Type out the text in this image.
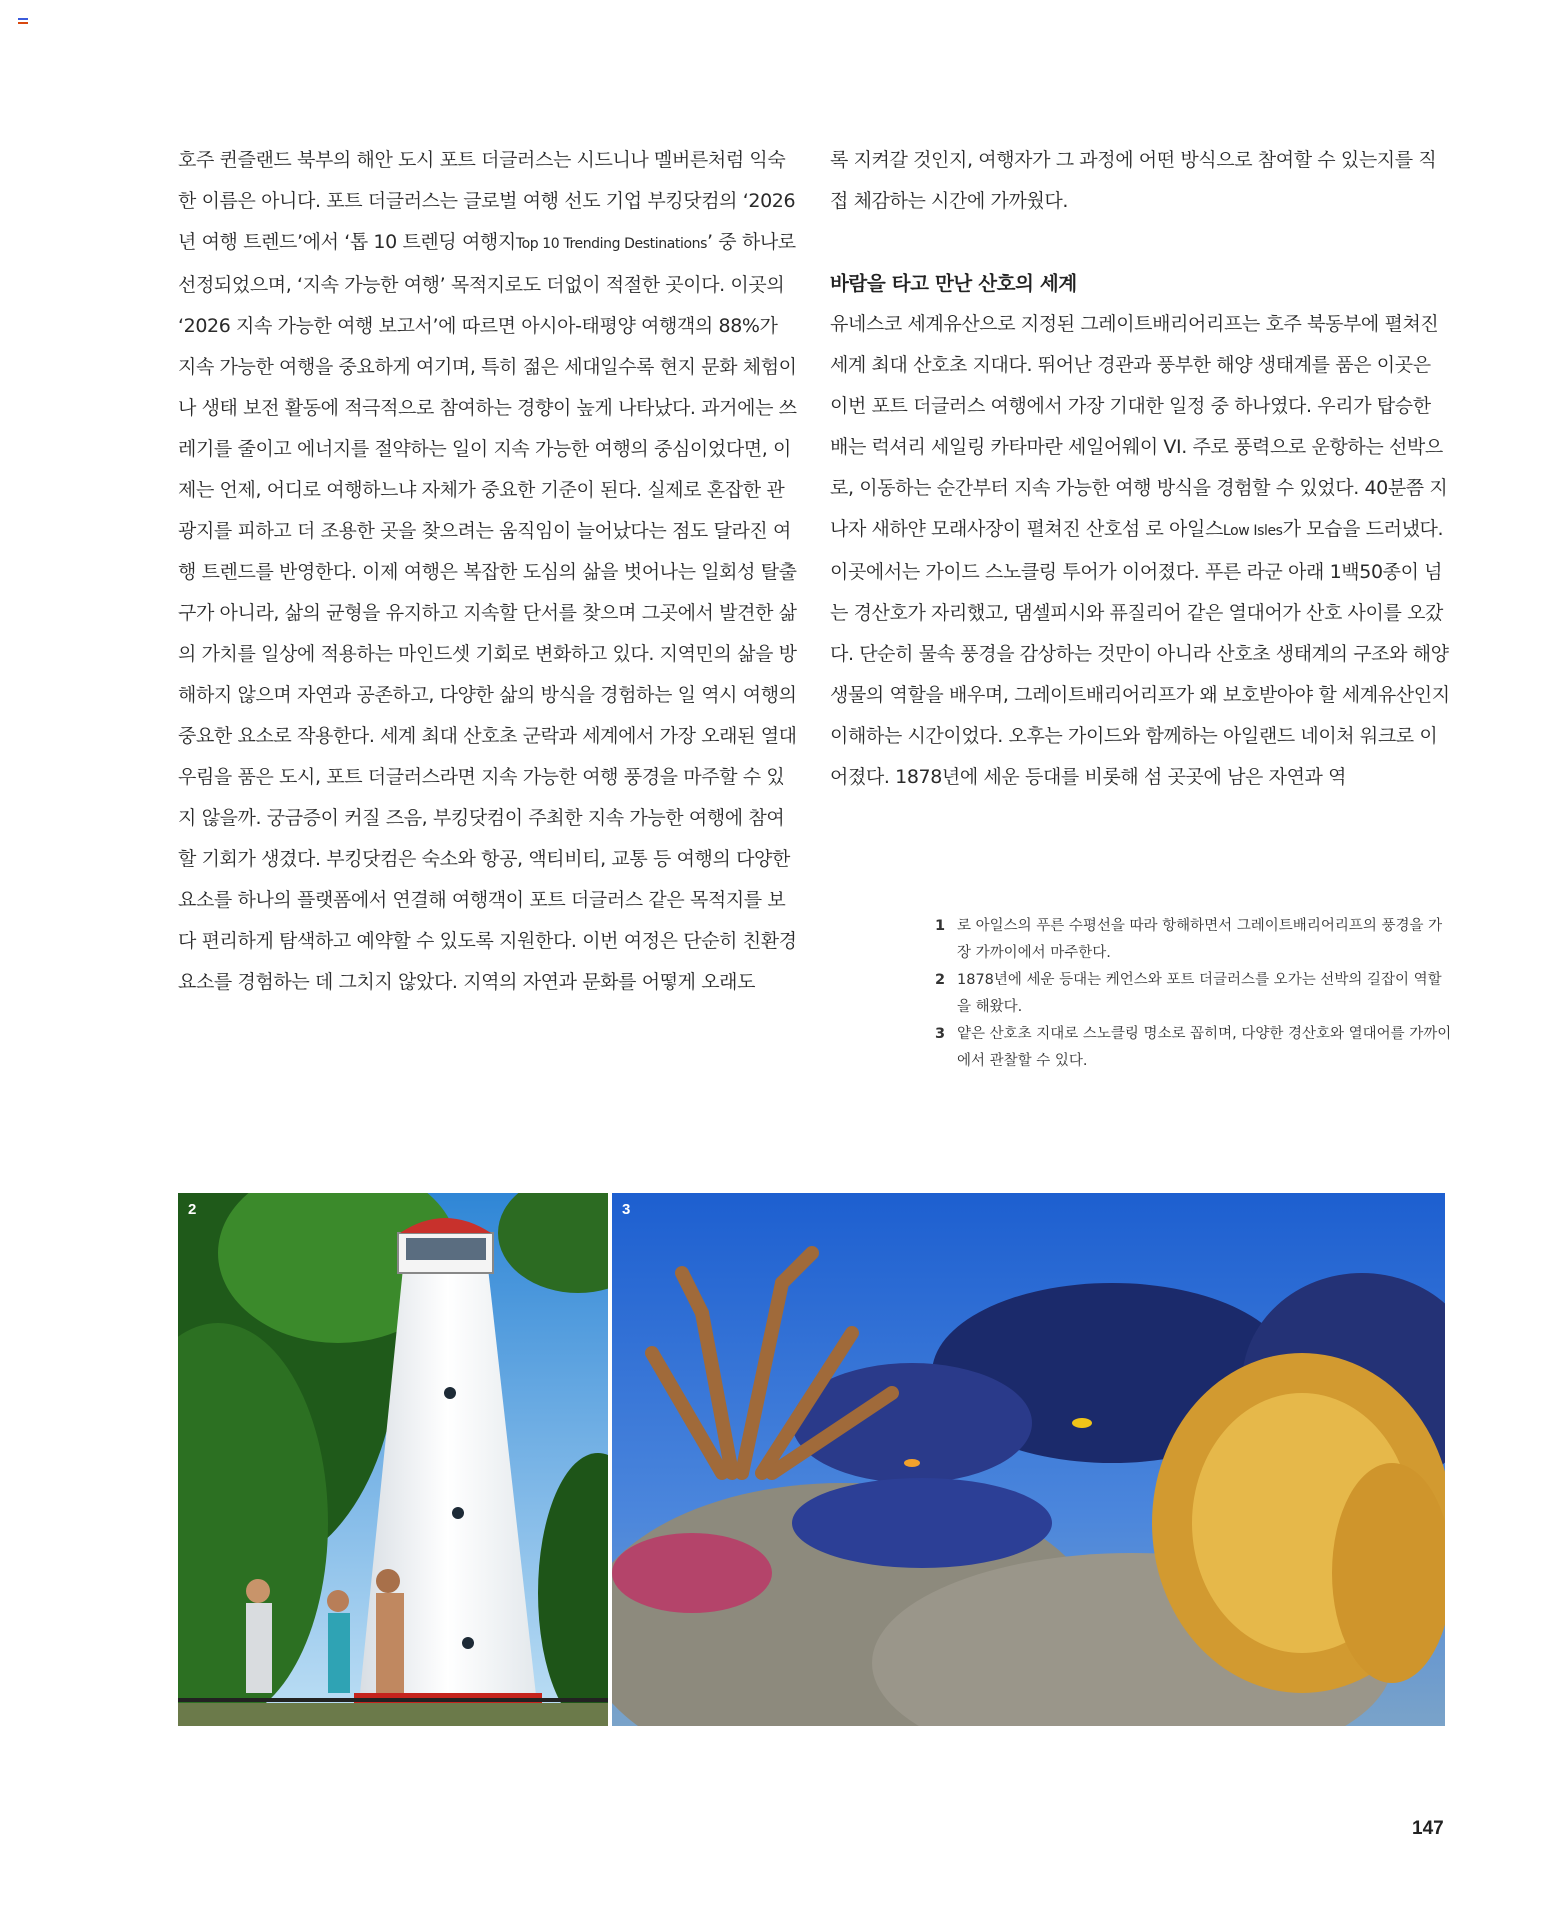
호주 퀸즐랜드 북부의 해안 도시 포트 더글러스는 시드니나 멜버른처럼 익숙한 이름은 아니다. 포트 더글러스는 글로벌 여행 선도 기업 부킹닷컴의 ‘2026년 여행 트렌드’에서 ‘톱 10 트렌딩 여행지Top 10 Trending Destinations’ 중 하나로 선정되었으며, ‘지속 가능한 여행’ 목적지로도 더없이 적절한 곳이다. 이곳의 ‘2026 지속 가능한 여행 보고서’에 따르면 아시아-태평양 여행객의 88%가 지속 가능한 여행을 중요하게 여기며, 특히 젊은 세대일수록 현지 문화 체험이나 생태 보전 활동에 적극적으로 참여하는 경향이 높게 나타났다. 과거에는 쓰레기를 줄이고 에너지를 절약하는 일이 지속 가능한 여행의 중심이었다면, 이제는 언제, 어디로 여행하느냐 자체가 중요한 기준이 된다. 실제로 혼잡한 관광지를 피하고 더 조용한 곳을 찾으려는 움직임이 늘어났다는 점도 달라진 여행 트렌드를 반영한다. 이제 여행은 복잡한 도심의 삶을 벗어나는 일회성 탈출구가 아니라, 삶의 균형을 유지하고 지속할 단서를 찾으며 그곳에서 발견한 삶의 가치를 일상에 적용하는 마인드셋 기회로 변화하고 있다. 지역민의 삶을 방해하지 않으며 자연과 공존하고, 다양한 삶의 방식을 경험하는 일 역시 여행의 중요한 요소로 작용한다. 세계 최대 산호초 군락과 세계에서 가장 오래된 열대우림을 품은 도시, 포트 더글러스라면 지속 가능한 여행 풍경을 마주할 수 있지 않을까. 궁금증이 커질 즈음, 부킹닷컴이 주최한 지속 가능한 여행에 참여할 기회가 생겼다. 부킹닷컴은 숙소와 항공, 액티비티, 교통 등 여행의 다양한 요소를 하나의 플랫폼에서 연결해 여행객이 포트 더글러스 같은 목적지를 보다 편리하게 탐색하고 예약할 수 있도록 지원한다. 이번 여정은 단순히 친환경 요소를 경험하는 데 그치지 않았다. 지역의 자연과 문화를 어떻게 오래도

록 지켜갈 것인지, 여행자가 그 과정에 어떤 방식으로 참여할 수 있는지를 직접 체감하는 시간에 가까웠다.

바람을 타고 만난 산호의 세계

유네스코 세계유산으로 지정된 그레이트배리어리프는 호주 북동부에 펼쳐진 세계 최대 산호초 지대다. 뛰어난 경관과 풍부한 해양 생태계를 품은 이곳은 이번 포트 더글러스 여행에서 가장 기대한 일정 중 하나였다. 우리가 탑승한 배는 럭셔리 세일링 카타마란 세일어웨이 VI. 주로 풍력으로 운항하는 선박으로, 이동하는 순간부터 지속 가능한 여행 방식을 경험할 수 있었다. 40분쯤 지나자 새하얀 모래사장이 펼쳐진 산호섬 로 아일스Low Isles가 모습을 드러냈다. 이곳에서는 가이드 스노클링 투어가 이어졌다. 푸른 라군 아래 1백50종이 넘는 경산호가 자리했고, 댐셀피시와 퓨질리어 같은 열대어가 산호 사이를 오갔다. 단순히 물속 풍경을 감상하는 것만이 아니라 산호초 생태계의 구조와 해양 생물의 역할을 배우며, 그레이트배리어리프가 왜 보호받아야 할 세계유산인지 이해하는 시간이었다. 오후는 가이드와 함께하는 아일랜드 네이처 워크로 이어졌다. 1878년에 세운 등대를 비롯해 섬 곳곳에 남은 자연과 역

1 로 아일스의 푸른 수평선을 따라 항해하면서 그레이트배리어리프의 풍경을 가장 가까이에서 마주한다.
2 1878년에 세운 등대는 케언스와 포트 더글러스를 오가는 선박의 길잡이 역할을 해왔다.
3 얕은 산호초 지대로 스노클링 명소로 꼽히며, 다양한 경산호와 열대어를 가까이에서 관찰할 수 있다.
2	3
147
